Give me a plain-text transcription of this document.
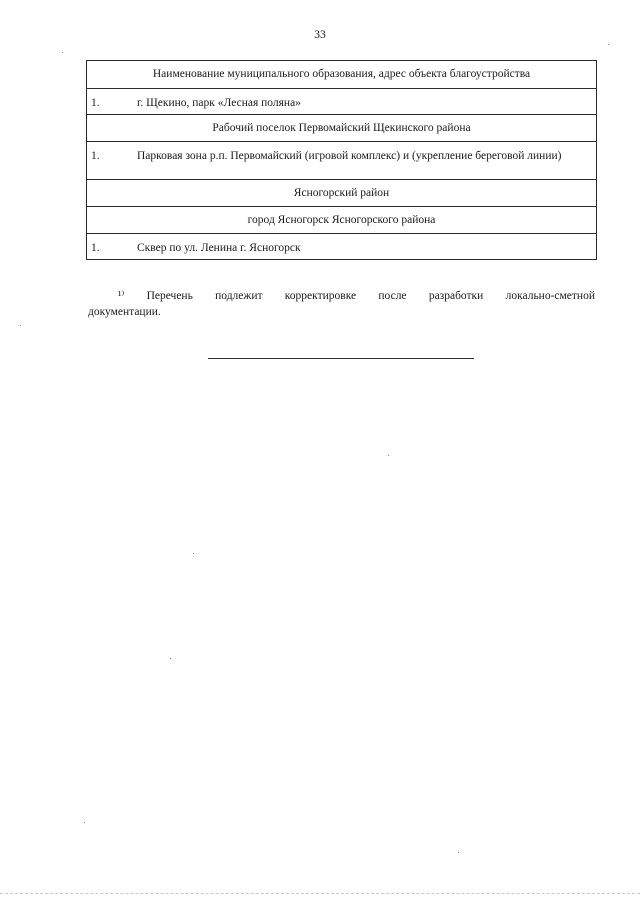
33
Наименование муниципального образования, адрес объекта благоустройства
1.	г. Щекино, парк «Лесная поляна»
Рабочий поселок Первомайский Щекинского района
1.	Парковая зона р.п. Первомайский (игровой комплекс) и (укрепление береговой линии)
Ясногорский район
город Ясногорск Ясногорского района
1.	Сквер по ул. Ленина г. Ясногорск
¹⁾ Перечень подлежит корректировке после разработки локально-сметной
документации.
